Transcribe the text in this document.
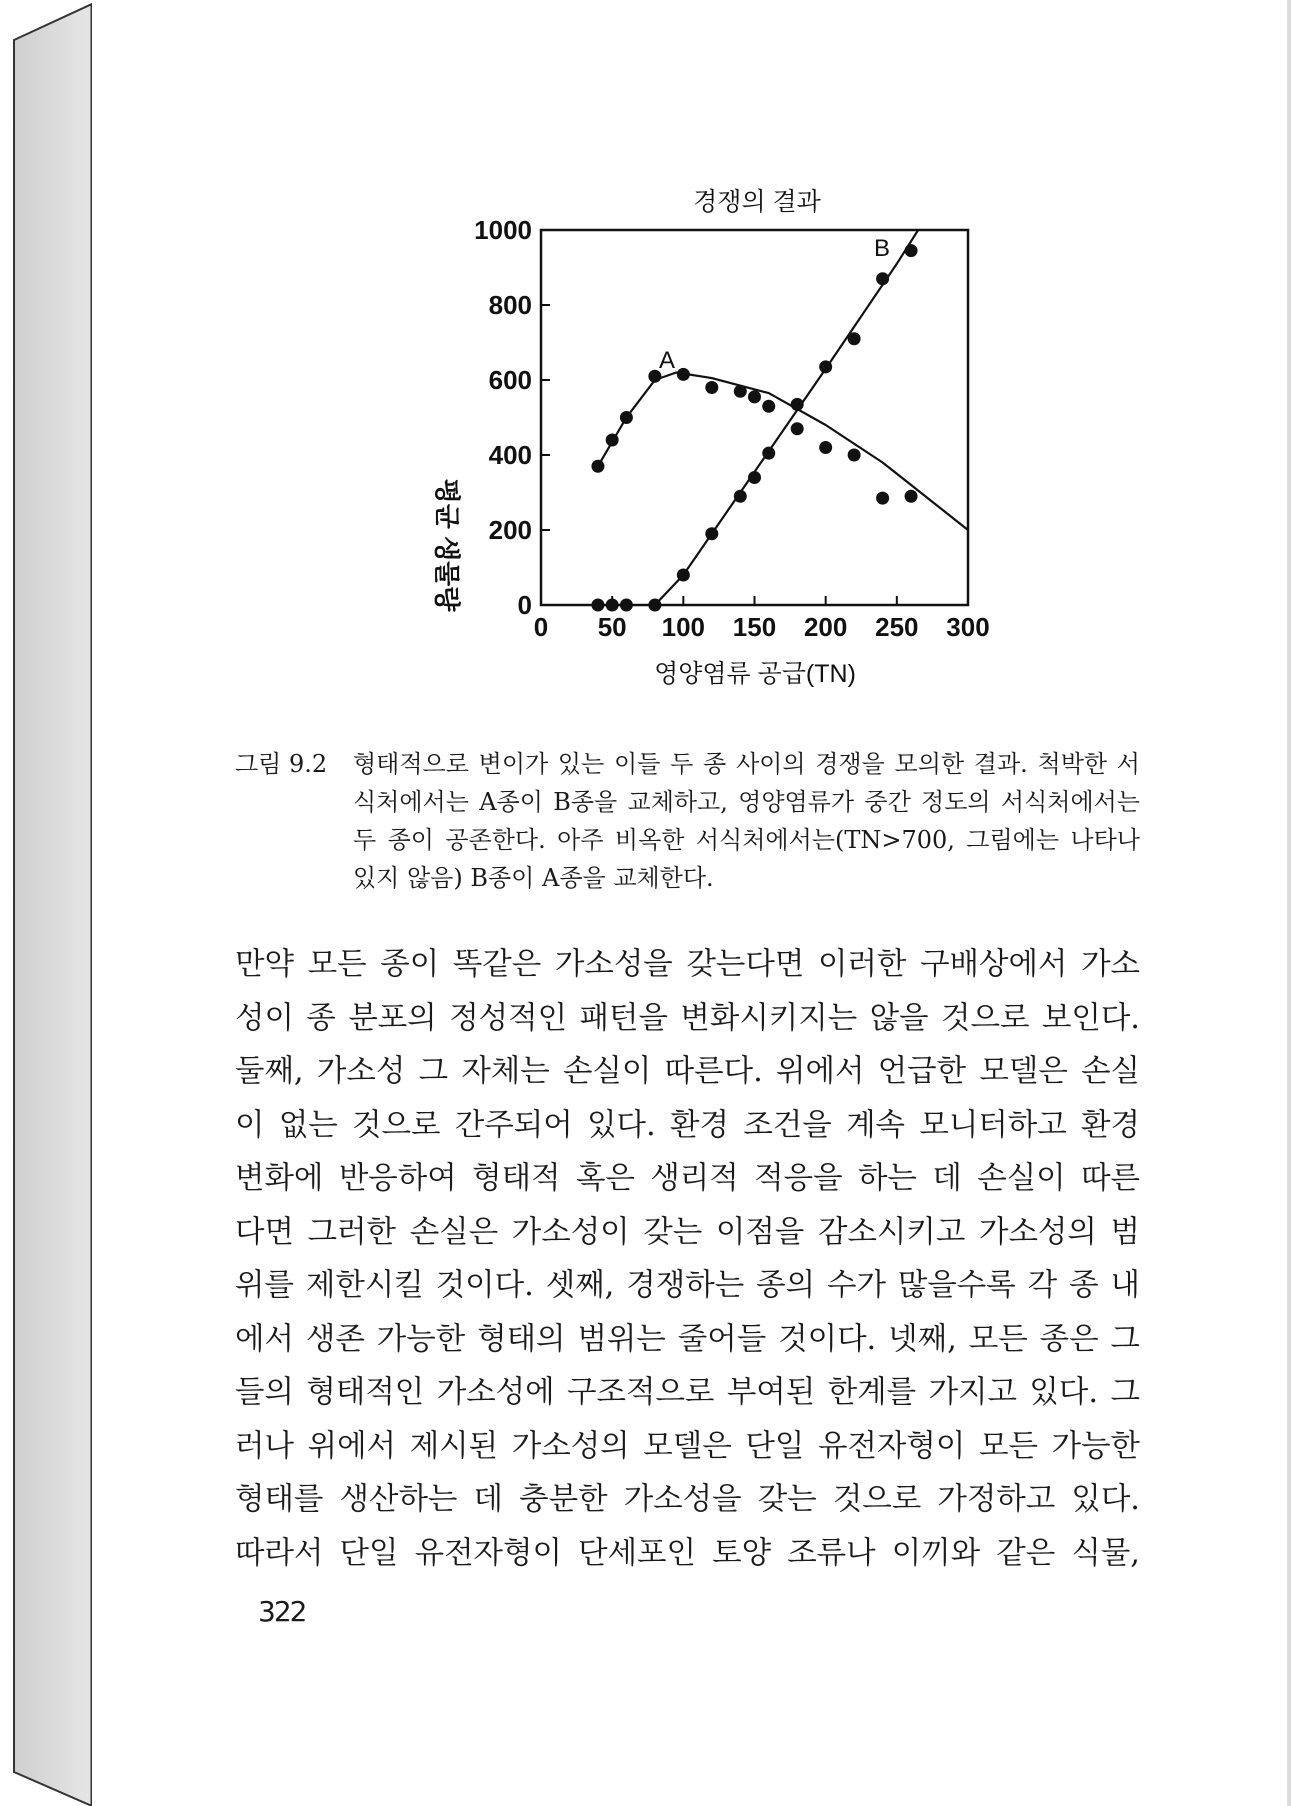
경쟁의 결과
평균 생물량 0
200
400
600
800
1000
0 50 100 150 200 250 300
A
B
영양염류 공급(TN)
그림 9.2 형태적으로 변이가 있는 이들 두 종 사이의 경쟁을 모의한 결과. 척박한 서식처에서는 A종이 B종을 교체하고, 영양염류가 중간 정도의 서식처에서는 두 종이 공존한다. 아주 비옥한 서식처에서는(TN>700, 그림에는 나타나 있지 않음) B종이 A종을 교체한다.
만약 모든 종이 똑같은 가소성을 갖는다면 이러한 구배상에서 가소
성이 종 분포의 정성적인 패턴을 변화시키지는 않을 것으로 보인다.
둘째, 가소성 그 자체는 손실이 따른다. 위에서 언급한 모델은 손실
이 없는 것으로 간주되어 있다. 환경 조건을 계속 모니터하고 환경
변화에 반응하여 형태적 혹은 생리적 적응을 하는 데 손실이 따른
다면 그러한 손실은 가소성이 갖는 이점을 감소시키고 가소성의 범
위를 제한시킬 것이다. 셋째, 경쟁하는 종의 수가 많을수록 각 종 내
에서 생존 가능한 형태의 범위는 줄어들 것이다. 넷째, 모든 종은 그
들의 형태적인 가소성에 구조적으로 부여된 한계를 가지고 있다. 그
러나 위에서 제시된 가소성의 모델은 단일 유전자형이 모든 가능한
형태를 생산하는 데 충분한 가소성을 갖는 것으로 가정하고 있다.
따라서 단일 유전자형이 단세포인 토양 조류나 이끼와 같은 식물,
322
